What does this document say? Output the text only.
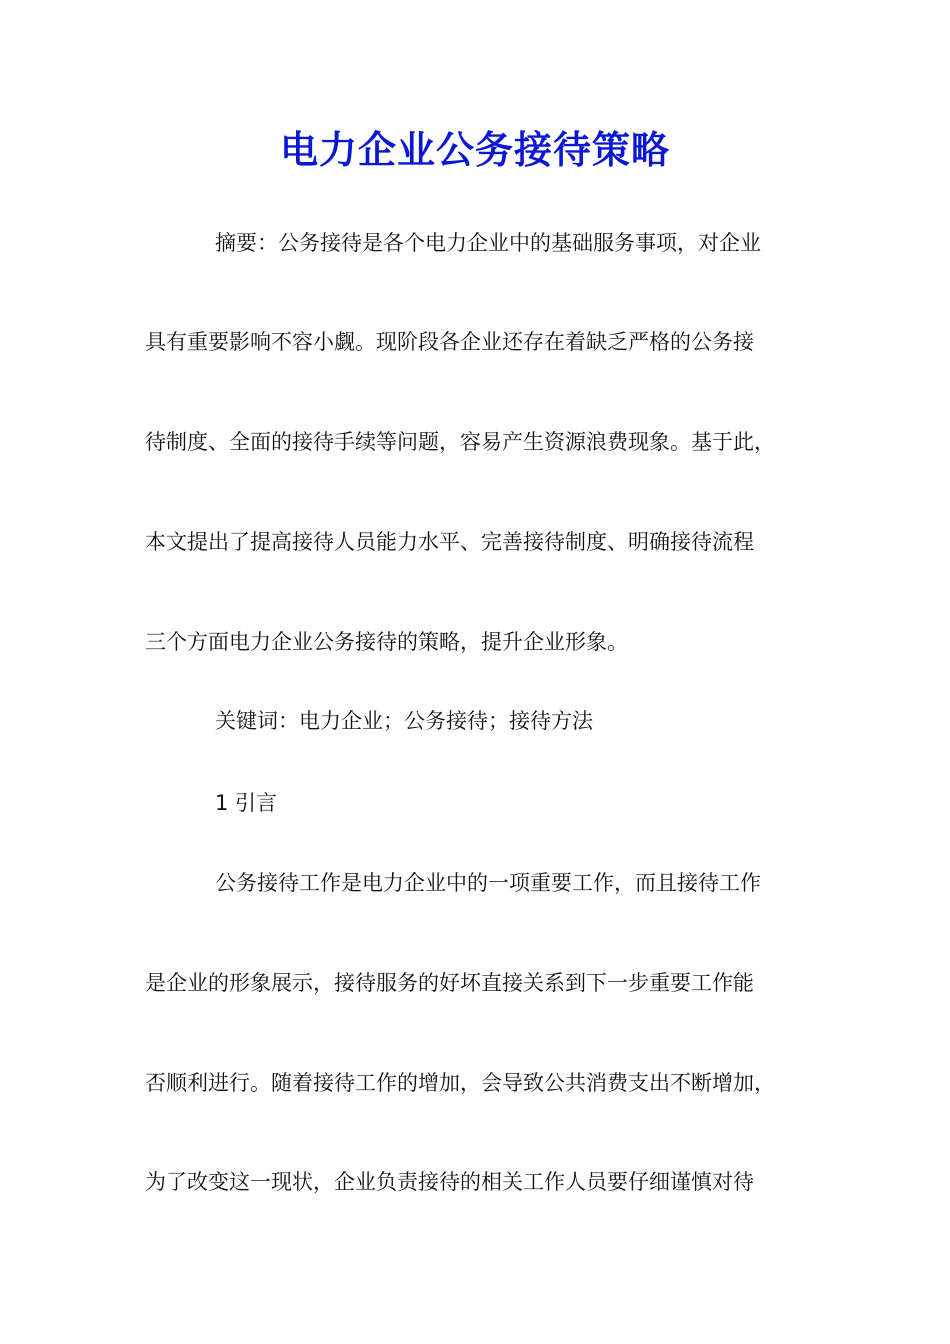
电力企业公务接待策略

摘要：公务接待是各个电力企业中的基础服务事项，对企业

具有重要影响不容小觑。现阶段各企业还存在着缺乏严格的公务接

待制度、全面的接待手续等问题，容易产生资源浪费现象。基于此，

本文提出了提高接待人员能力水平、完善接待制度、明确接待流程

三个方面电力企业公务接待的策略，提升企业形象。

关键词：电力企业；公务接待；接待方法

1 引言

公务接待工作是电力企业中的一项重要工作，而且接待工作

是企业的形象展示，接待服务的好坏直接关系到下一步重要工作能

否顺利进行。随着接待工作的增加，会导致公共消费支出不断增加，

为了改变这一现状，企业负责接待的相关工作人员要仔细谨慎对待
